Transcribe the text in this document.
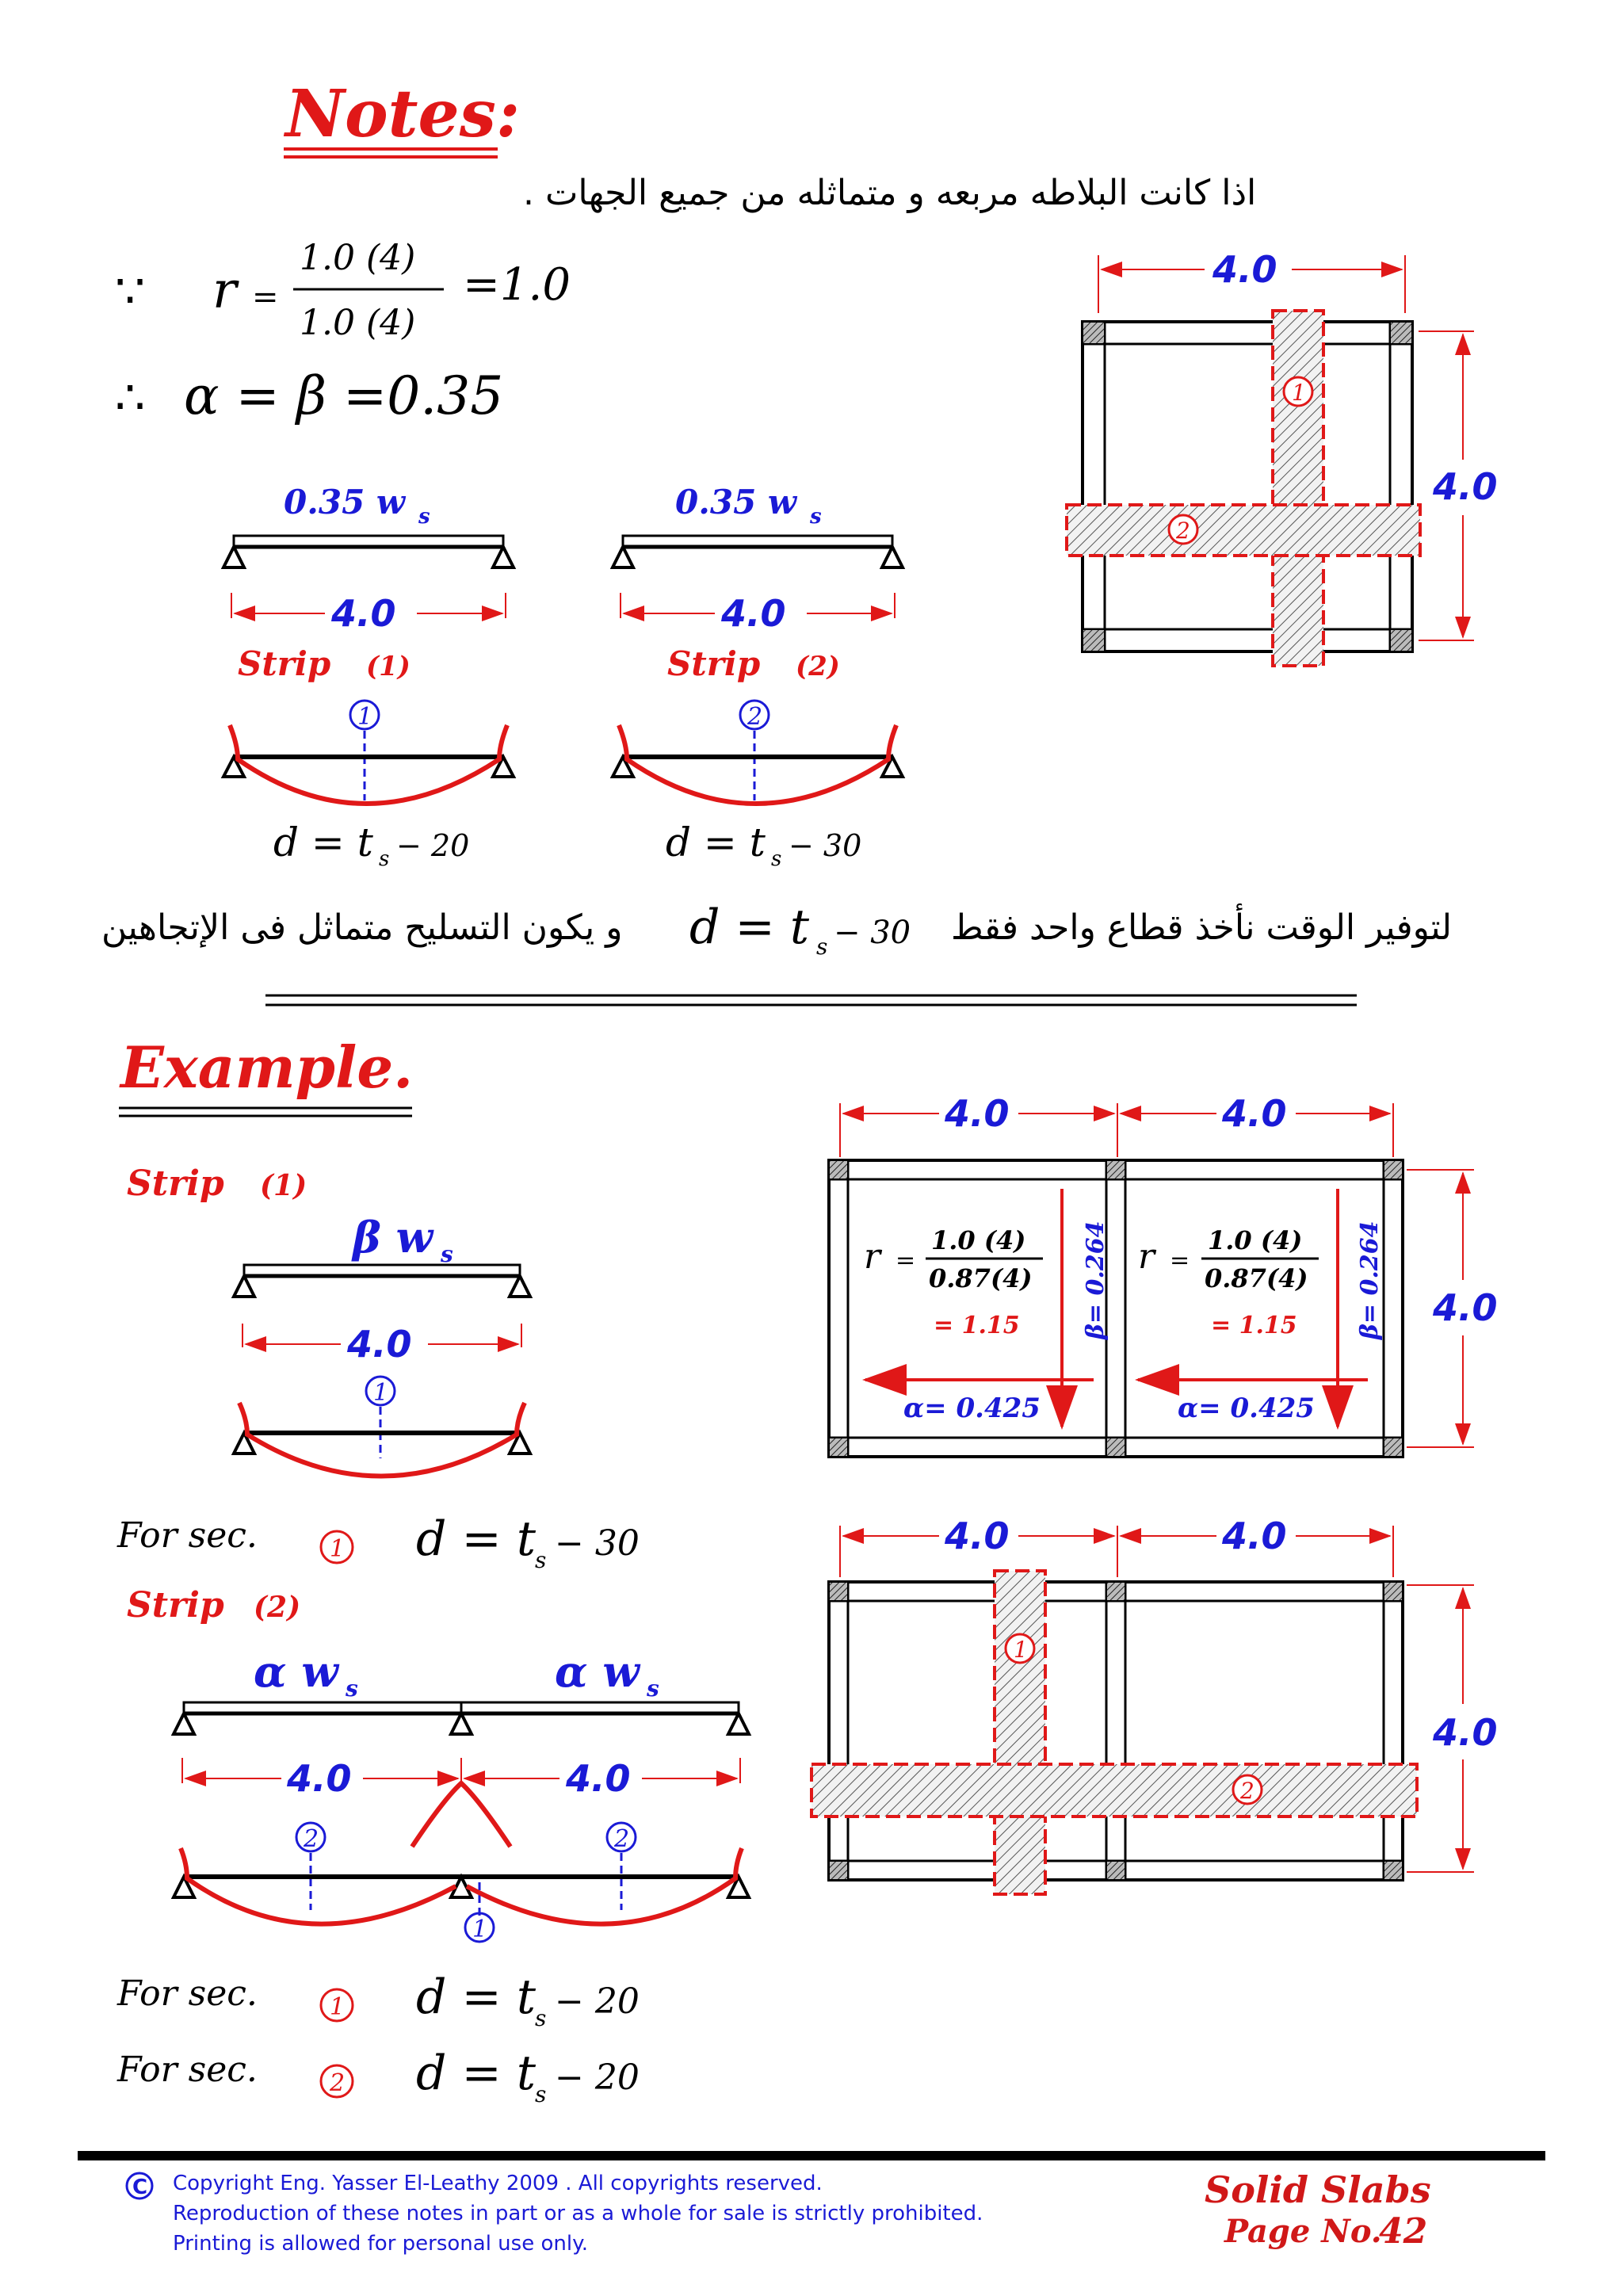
Notes:
∵ r =
1.0 (4)
1.0 (4)
=1.0
∴ α = β =0.35
0.35 w s
4.0
Strip (1)
1
d = t s − 20
0.35 w s
4.0
Strip (2)
2
d = t s − 30
4.0
4.0
1
2
d = t s − 30
Example.
Strip (1)
β w s
4.0
1
For sec.	1 d = t s − 30
Strip (2)
α w s	α w s
4.0	4.0
2	2
1
For sec.	1 d = t s − 20
For sec.	2 d = t s − 20
4.0	4.0
4.0
r =
1.0 (4)
0.87(4)
= 1.15	β= 0.264
α= 0.425
r =
1.0 (4)
0.87(4)
= 1.15 β= 0.264
α= 0.425
4.0	4.0
4.0
1
2
C
اذا كانت البلاطه مربعه و متماثله من جميع الجهات .
لتوفير الوقت نأخذ قطاع واحد فقط
و يكون التسليح متماثل فى الإتجاهين
Copyright Eng. Yasser El-Leathy 2009 . All copyrights reserved.
Reproduction of these notes in part or as a whole for sale is strictly prohibited.
Printing is allowed for personal use only.
Solid Slabs
Page No.
42
